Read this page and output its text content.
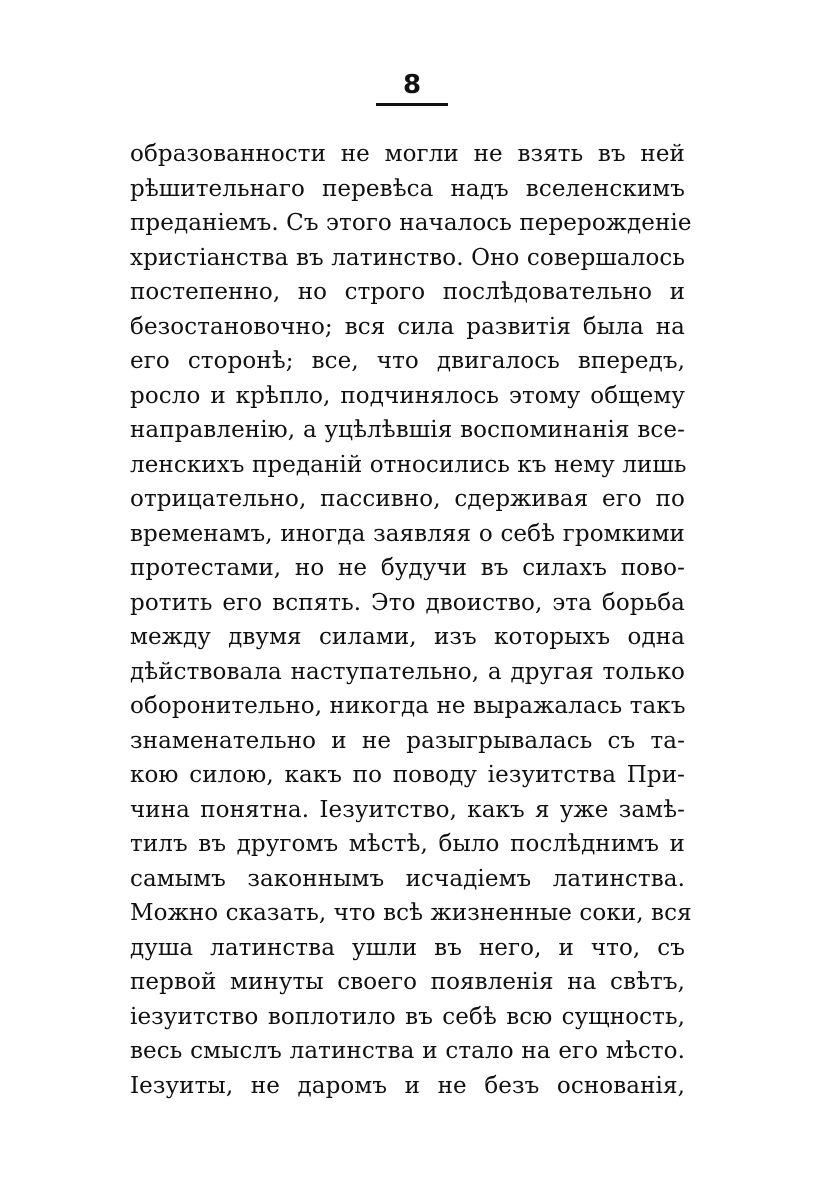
8
образованности не могли не взять въ ней
рѣшительнаго перевѣса надъ вселенскимъ
преданіемъ. Съ этого началось перерожденіе
христіанства въ латинство. Оно совершалось
постепенно, но строго послѣдовательно и
безостановочно; вся сила развитія была на
его сторонѣ; все, что двигалось впередъ,
росло и крѣпло, подчинялось этому общему
направленію, а уцѣлѣвшія воспоминанія все-
ленскихъ преданій относились къ нему лишь
отрицательно, пассивно, сдерживая его по
временамъ, иногда заявляя о себѣ громкими
протестами, но не будучи въ силахъ пово-
ротить его вспять. Это двоиство, эта борьба
между двумя силами, изъ которыхъ одна
дѣйствовала наступательно, а другая только
оборонительно, никогда не выражалась такъ
знаменательно и не разыгрывалась съ та-
кою силою, какъ по поводу іезуитства При-
чина понятна. Іезуитство, какъ я уже замѣ-
тилъ въ другомъ мѣстѣ, было послѣднимъ и
самымъ законнымъ исчадіемъ латинства.
Можно сказать, что всѣ жизненные соки, вся
душа латинства ушли въ него, и что, съ
первой минуты своего появленія на свѣтъ,
іезуитство воплотило въ себѣ всю сущность,
весь смыслъ латинства и стало на его мѣсто.
Іезуиты, не даромъ и не безъ основанія,
